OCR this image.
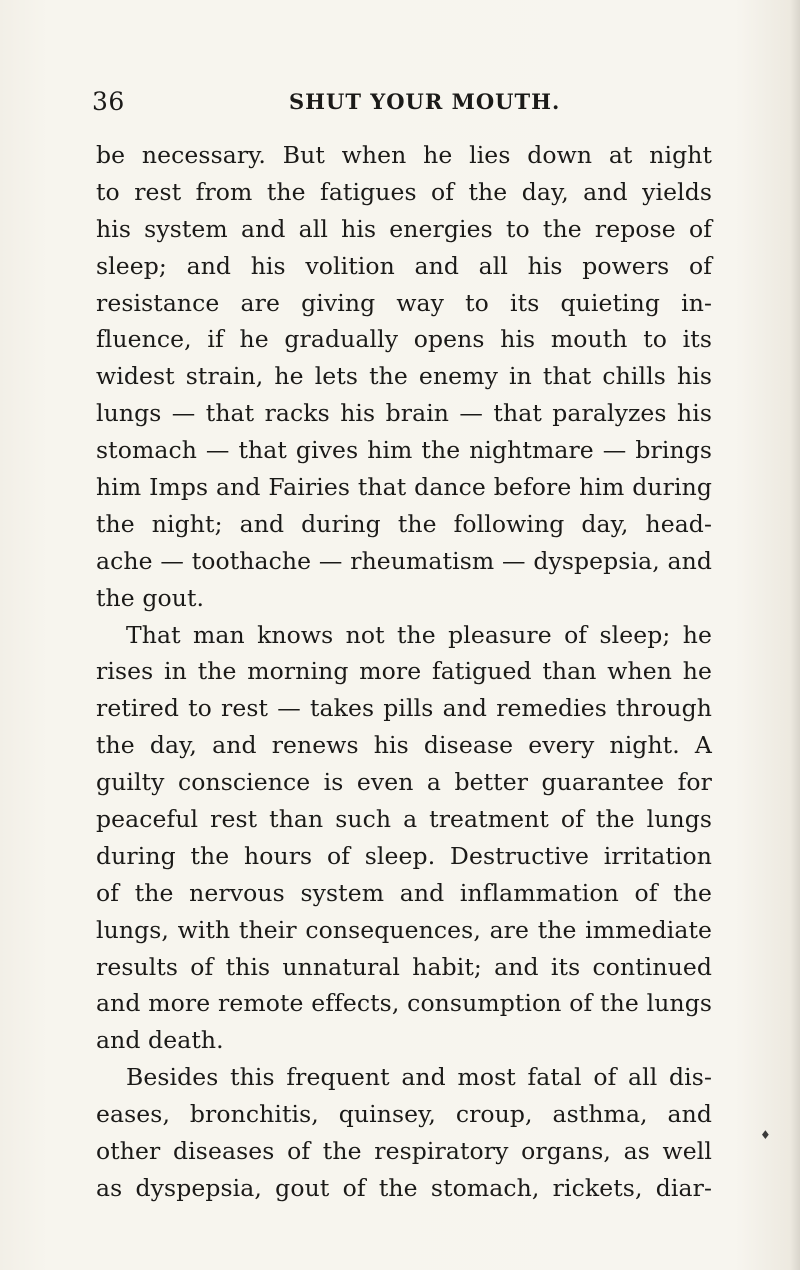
36	SHUT YOUR MOUTH.
be necessary. But when he lies down at night
to rest from the fatigues of the day, and yields
his system and all his energies to the repose of
sleep; and his volition and all his powers of
resistance are giving way to its quieting in-
fluence, if he gradually opens his mouth to its
widest strain, he lets the enemy in that chills his
lungs — that racks his brain — that paralyzes his
stomach — that gives him the nightmare — brings
him Imps and Fairies that dance before him during
the night; and during the following day, head-
ache — toothache — rheumatism — dyspepsia, and
the gout.
That man knows not the pleasure of sleep; he
rises in the morning more fatigued than when he
retired to rest — takes pills and remedies through
the day, and renews his disease every night. A
guilty conscience is even a better guarantee for
peaceful rest than such a treatment of the lungs
during the hours of sleep. Destructive irritation
of the nervous system and inflammation of the
lungs, with their consequences, are the immediate
results of this unnatural habit; and its continued
and more remote effects, consumption of the lungs
and death.
Besides this frequent and most fatal of all dis-
eases, bronchitis, quinsey, croup, asthma, and
other diseases of the respiratory organs, as well
as dyspepsia, gout of the stomach, rickets, diar-
♦
